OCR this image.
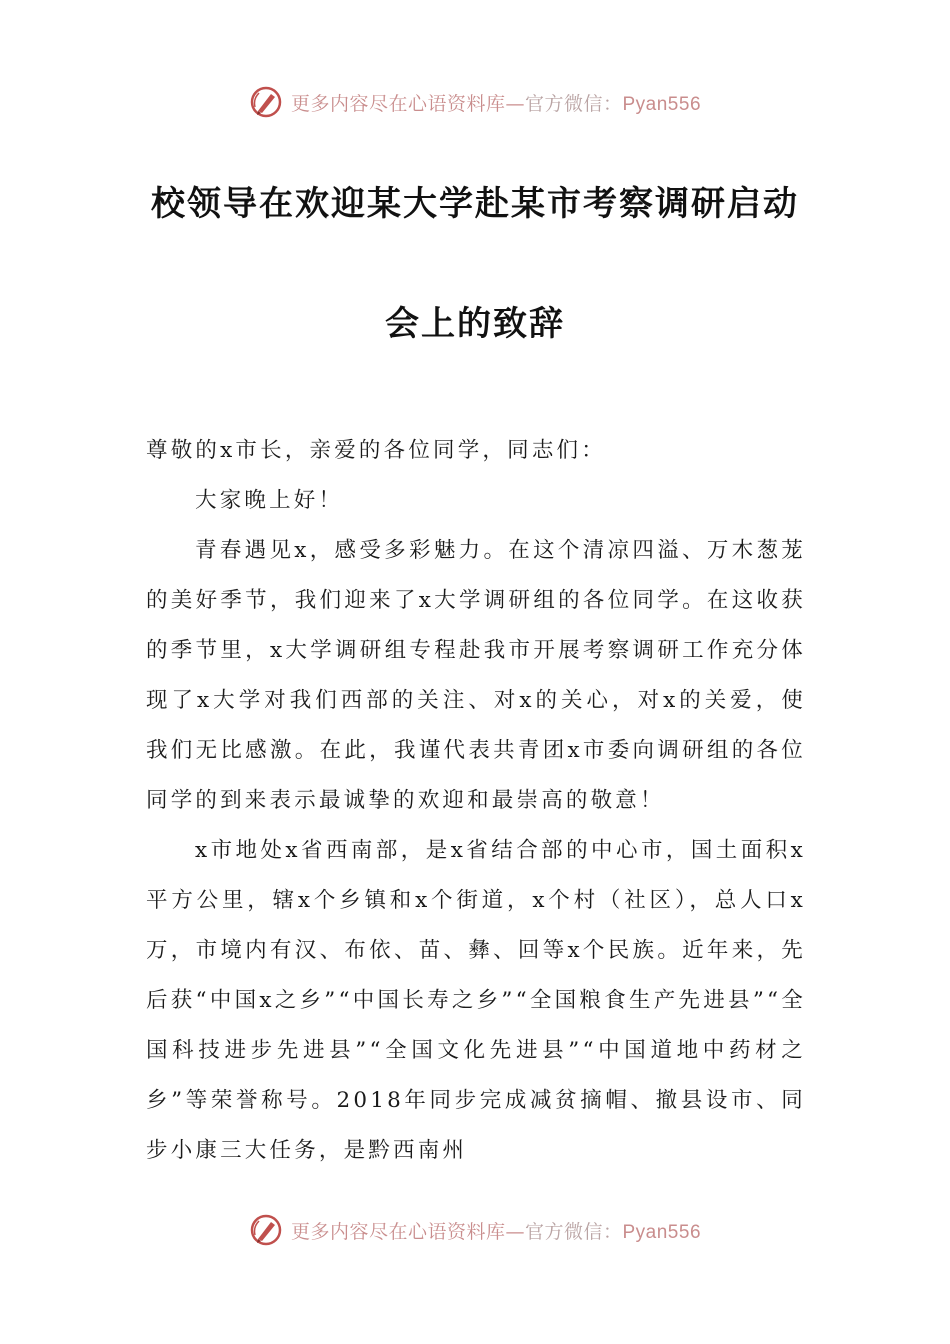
更多内容尽在心语资料库—官方微信：Pyan556
校领导在欢迎某大学赴某市考察调研启动
会上的致辞

尊敬的x市长，亲爱的各位同学，同志们：

大家晚上好！

青春遇见x，感受多彩魅力。在这个清凉四溢、万木葱茏的美好季节，我们迎来了x大学调研组的各位同学。在这收获的季节里，x大学调研组专程赴我市开展考察调研工作充分体现了x大学对我们西部的关注、对x的关心，对x的关爱，使我们无比感激。在此，我谨代表共青团x市委向调研组的各位同学的到来表示最诚挚的欢迎和最崇高的敬意！

x市地处x省西南部，是x省结合部的中心市，国土面积x平方公里，辖x个乡镇和x个街道，x个村（社区），总人口x万，市境内有汉、布依、苗、彝、回等x个民族。近年来，先后获“中国x之乡”“中国长寿之乡”“全国粮食生产先进县”“全国科技进步先进县”“全国文化先进县”“中国道地中药材之乡”等荣誉称号。2018年同步完成减贫摘帽、撤县设市、同步小康三大任务，是黔西南州

更多内容尽在心语资料库—官方微信：Pyan556
